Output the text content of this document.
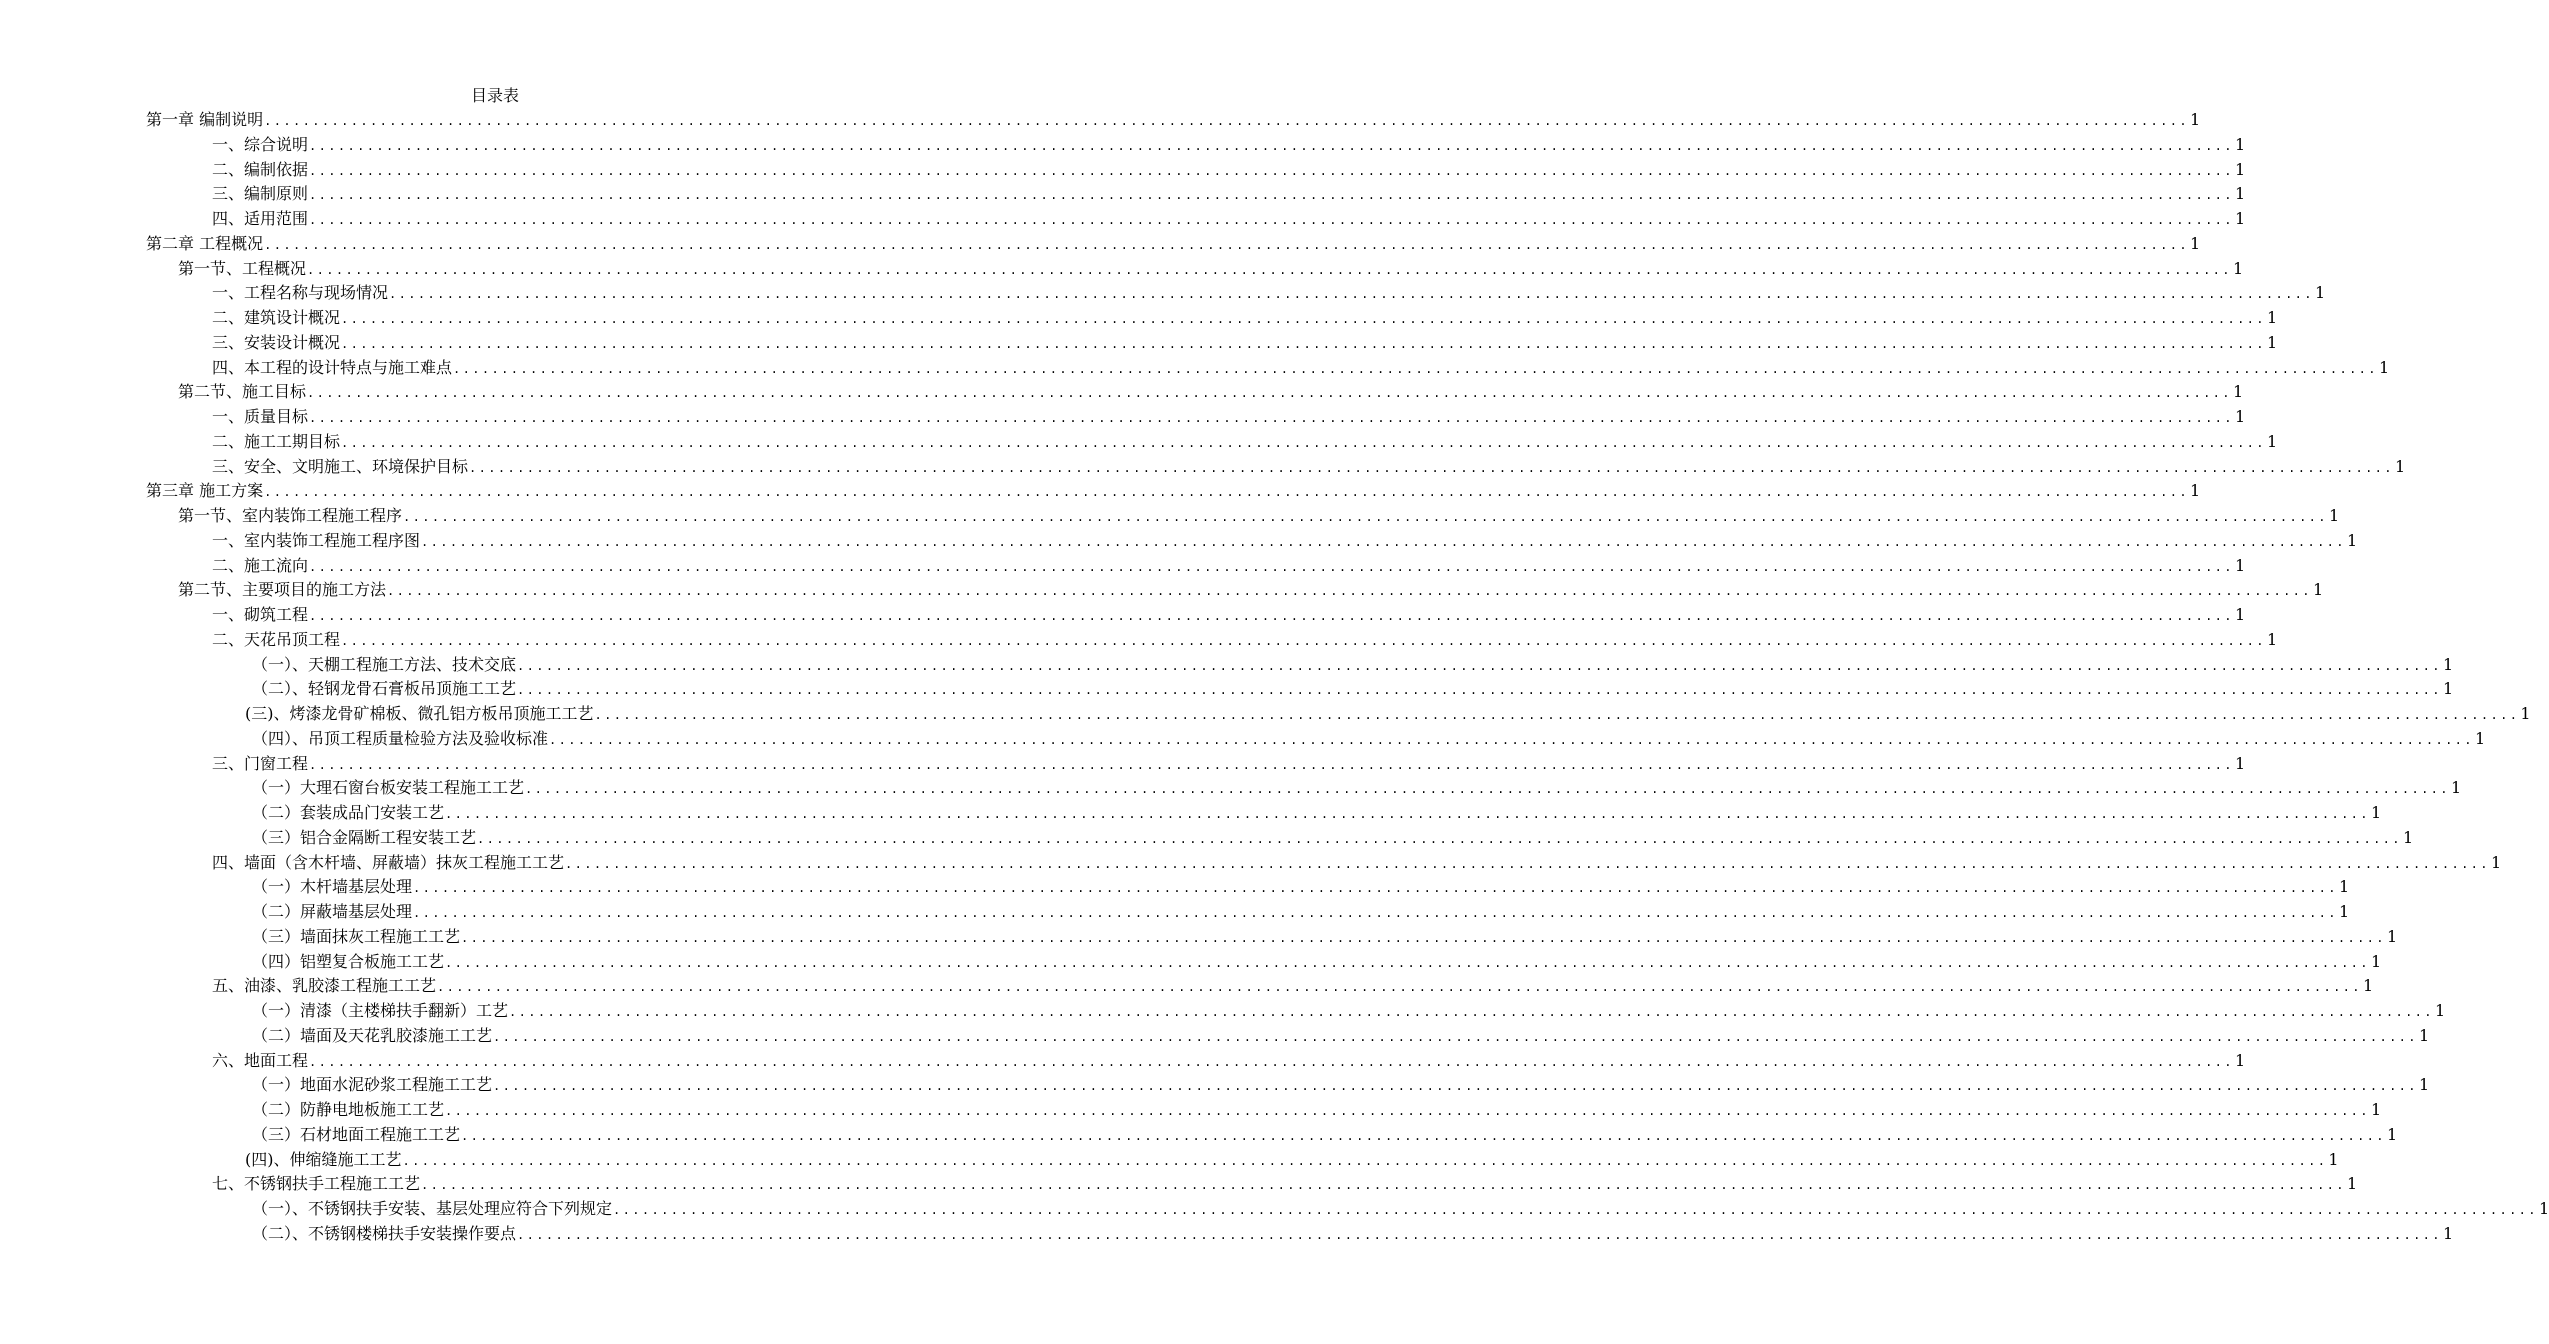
目录表
第一章 编制说明 ........................................................................................................................................................................................................ 1
一、综合说明 ........................................................................................................................................................................................................ 1
二、编制依据 ........................................................................................................................................................................................................ 1
三、编制原则 ........................................................................................................................................................................................................ 1
四、适用范围 ........................................................................................................................................................................................................ 1
第二章 工程概况 ........................................................................................................................................................................................................ 1
第一节、工程概况 ........................................................................................................................................................................................................ 1
一、工程名称与现场情况 ........................................................................................................................................................................................................ 1
二、建筑设计概况 ........................................................................................................................................................................................................ 1
三、安装设计概况 ........................................................................................................................................................................................................ 1
四、本工程的设计特点与施工难点 ........................................................................................................................................................................................................ 1
第二节、施工目标 ........................................................................................................................................................................................................ 1
一、质量目标 ........................................................................................................................................................................................................ 1
二、施工工期目标 ........................................................................................................................................................................................................ 1
三、安全、文明施工、环境保护目标 ........................................................................................................................................................................................................ 1
第三章 施工方案 ........................................................................................................................................................................................................ 1
第一节、室内装饰工程施工程序 ........................................................................................................................................................................................................ 1
一、室内装饰工程施工程序图 ........................................................................................................................................................................................................ 1
二、施工流向 ........................................................................................................................................................................................................ 1
第二节、主要项目的施工方法 ........................................................................................................................................................................................................ 1
一、砌筑工程 ........................................................................................................................................................................................................ 1
二、天花吊顶工程 ........................................................................................................................................................................................................ 1
（一）、天棚工程施工方法、技术交底 ........................................................................................................................................................................................................ 1
（二）、轻钢龙骨石膏板吊顶施工工艺 ........................................................................................................................................................................................................ 1
(三)、烤漆龙骨矿棉板、微孔铝方板吊顶施工工艺 ........................................................................................................................................................................................................ 1
（四）、吊顶工程质量检验方法及验收标准 ........................................................................................................................................................................................................ 1
三、门窗工程 ........................................................................................................................................................................................................ 1
（一）大理石窗台板安装工程施工工艺 ........................................................................................................................................................................................................ 1
（二）套装成品门安装工艺 ........................................................................................................................................................................................................ 1
（三）铝合金隔断工程安装工艺 ........................................................................................................................................................................................................ 1
四、墙面（含木杆墙、屏蔽墙）抹灰工程施工工艺 ........................................................................................................................................................................................................ 1
（一）木杆墙基层处理 ........................................................................................................................................................................................................ 1
（二）屏蔽墙基层处理 ........................................................................................................................................................................................................ 1
（三）墙面抹灰工程施工工艺 ........................................................................................................................................................................................................ 1
（四）铝塑复合板施工工艺 ........................................................................................................................................................................................................ 1
五、油漆、乳胶漆工程施工工艺 ........................................................................................................................................................................................................ 1
（一）清漆（主楼梯扶手翻新）工艺 ........................................................................................................................................................................................................ 1
（二）墙面及天花乳胶漆施工工艺 ........................................................................................................................................................................................................ 1
六、地面工程 ........................................................................................................................................................................................................ 1
（一）地面水泥砂浆工程施工工艺 ........................................................................................................................................................................................................ 1
（二）防静电地板施工工艺 ........................................................................................................................................................................................................ 1
（三）石材地面工程施工工艺 ........................................................................................................................................................................................................ 1
(四)、伸缩缝施工工艺 ........................................................................................................................................................................................................ 1
七、不锈钢扶手工程施工工艺 ........................................................................................................................................................................................................ 1
（一）、不锈钢扶手安装、基层处理应符合下列规定 ........................................................................................................................................................................................................ 1
（二）、不锈钢楼梯扶手安装操作要点 ........................................................................................................................................................................................................ 1
